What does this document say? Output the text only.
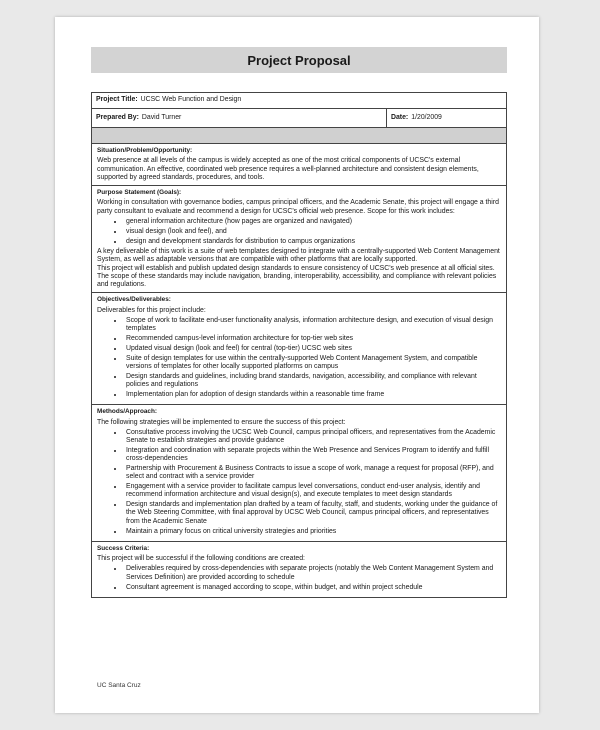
Project Proposal
Project Title: UCSC Web Function and Design
Prepared By: David Turner	Date: 1/20/2009
Situation/Problem/Opportunity:

Web presence at all levels of the campus is widely accepted as one of the most critical components of UCSC's external communication. An effective, coordinated web presence requires a well-planned architecture and consistent design elements, supported by agreed standards, procedures, and tools.

Purpose Statement (Goals):

Working in consultation with governance bodies, campus principal officers, and the Academic Senate, this project will engage a third party consultant to evaluate and recommend a design for UCSC's official web presence. Scope for this work includes:

• general information architecture (how pages are organized and navigated)
• visual design (look and feel), and
• design and development standards for distribution to campus organizations

A key deliverable of this work is a suite of web templates designed to integrate with a centrally-supported Web Content Management System, as well as adaptable versions that are compatible with other platforms that are locally supported.

This project will establish and publish updated design standards to ensure consistency of UCSC's web presence at all official sites. The scope of these standards may include navigation, branding, interoperability, accessibility, and compliance with relevant policies and regulations.

Objectives/Deliverables:

Deliverables for this project include:

• Scope of work to facilitate end-user functionality analysis, information architecture design, and execution of visual design templates
• Recommended campus-level information architecture for top-tier web sites
• Updated visual design (look and feel) for central (top-tier) UCSC web sites
• Suite of design templates for use within the centrally-supported Web Content Management System, and compatible versions of templates for other locally supported platforms on campus
• Design standards and guidelines, including brand standards, navigation, accessibility, and compliance with relevant policies and regulations
• Implementation plan for adoption of design standards within a reasonable time frame
Methods/Approach:

The following strategies will be implemented to ensure the success of this project:

• Consultative process involving the UCSC Web Council, campus principal officers, and representatives from the Academic Senate to establish strategies and provide guidance
• Integration and coordination with separate projects within the Web Presence and Services Program to identify and fulfill cross-dependencies
• Partnership with Procurement & Business Contracts to issue a scope of work, manage a request for proposal (RFP), and select and contract with a service provider
• Engagement with a service provider to facilitate campus level conversations, conduct end-user analysis, identify and recommend information architecture and visual design(s), and execute templates to meet design standards
• Design standards and implementation plan drafted by a team of faculty, staff, and students, working under the guidance of the Web Steering Committee, with final approval by UCSC Web Council, campus principal officers, and representatives from the Academic Senate
• Maintain a primary focus on critical university strategies and priorities
Success Criteria:

This project will be successful if the following conditions are created:

• Deliverables required by cross-dependencies with separate projects (notably the Web Content Management System and Services Definition) are provided according to schedule
• Consultant agreement is managed according to scope, within budget, and within project schedule
UC Santa Cruz
